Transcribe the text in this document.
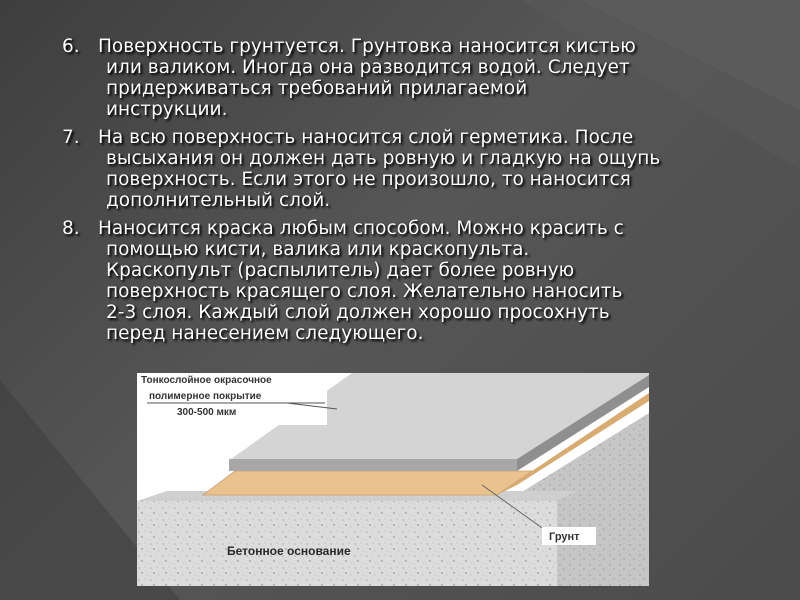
6. Поверхность грунтуется. Грунтовка наносится кистью
или валиком. Иногда она разводится водой. Следует
придерживаться требований прилагаемой
инструкции.
7. На всю поверхность наносится слой герметика. После
высыхания он должен дать ровную и гладкую на ощупь
поверхность. Если этого не произошло, то наносится
дополнительный слой.
8. Наносится краска любым способом. Можно красить с
помощью кисти, валика или краскопульта.
Краскопульт (распылитель) дает более ровную
поверхность красящего слоя. Желательно наносить
2-3 слоя. Каждый слой должен хорошо просохнуть
перед нанесением следующего.
Тонкослойное окрасочное
полимерное покрытие
300-500 мкм
Грунт
Бетонное основание
